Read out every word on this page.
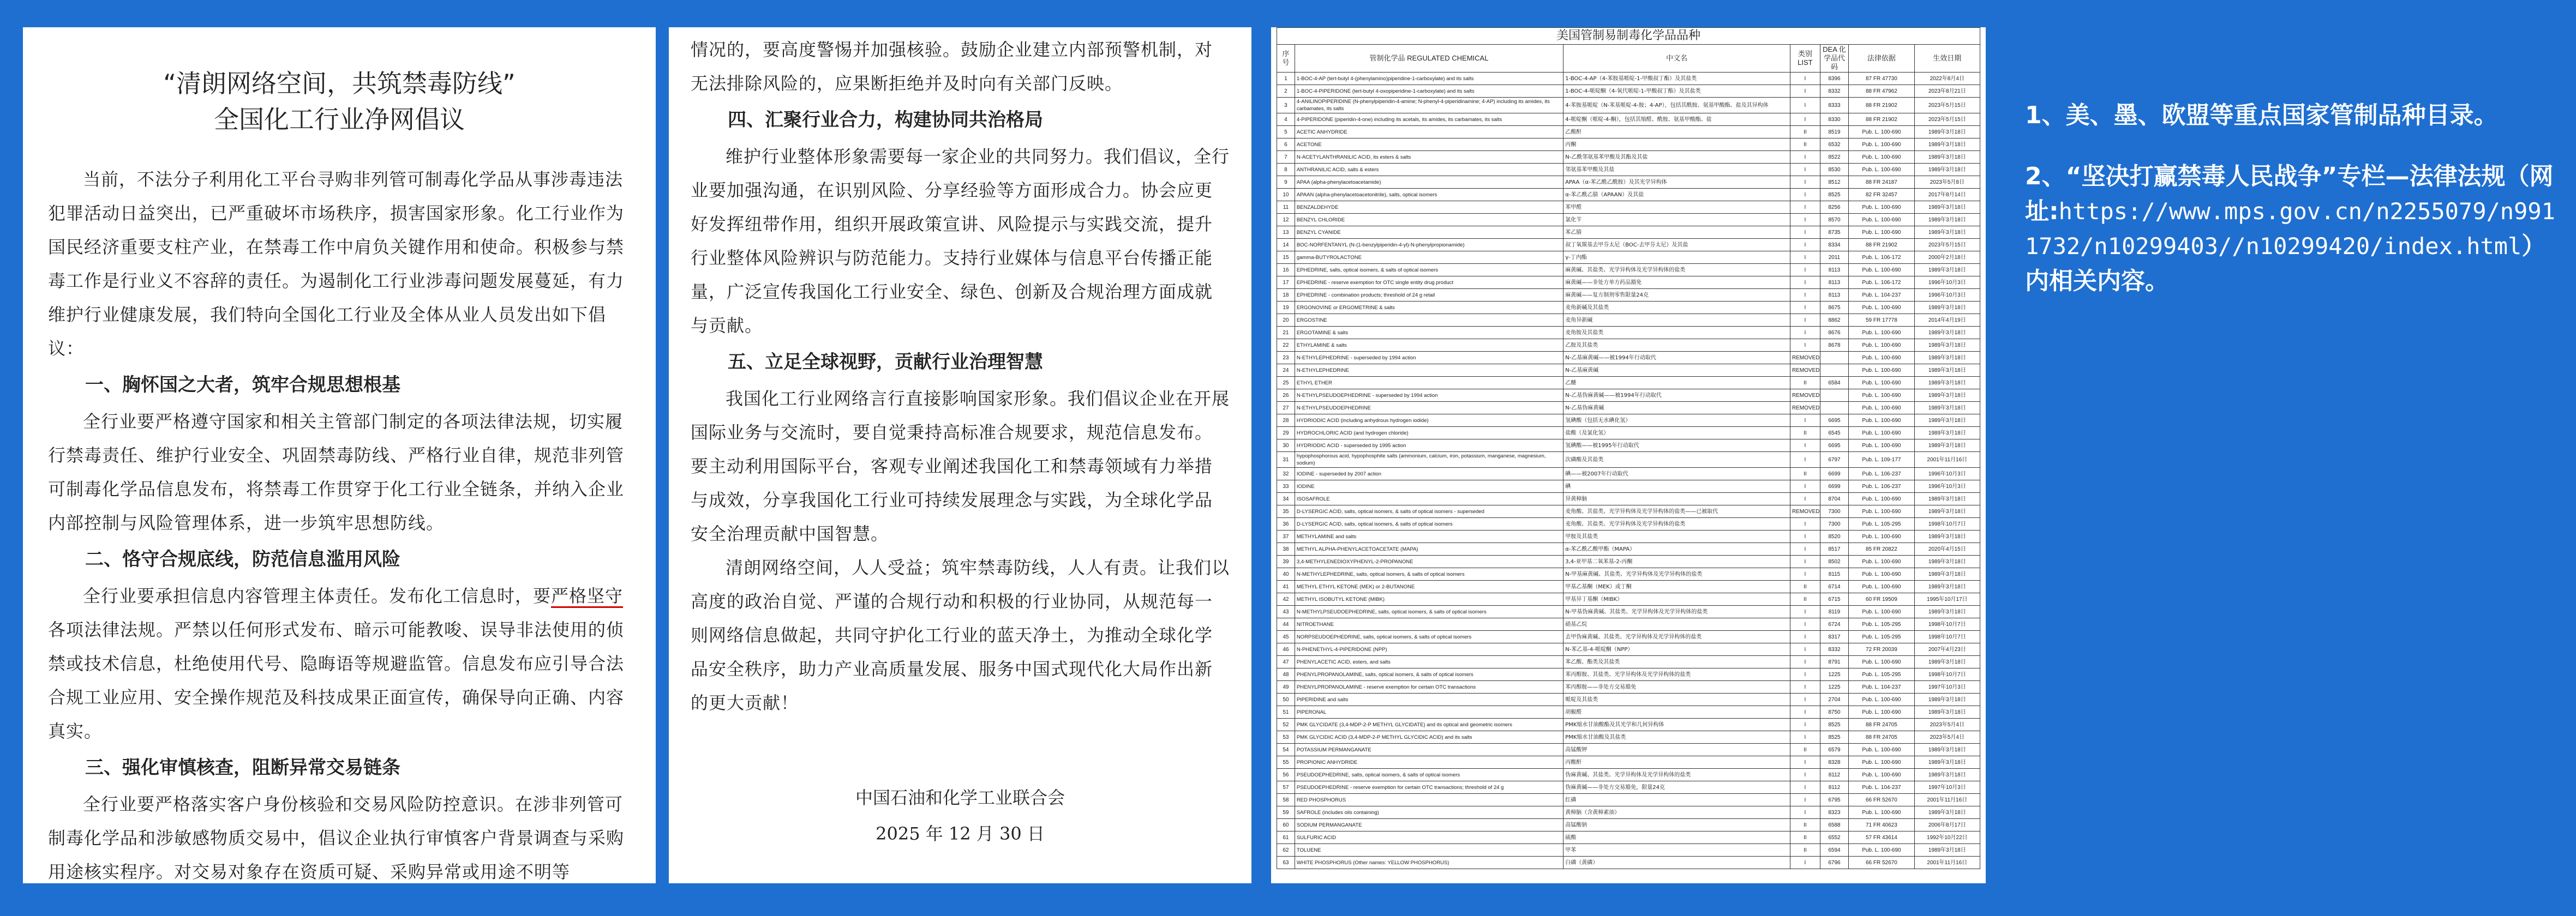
“清朗网络空间，共筑禁毒防线”
全国化工行业净网倡议

当前，不法分子利用化工平台寻购非列管可制毒化学品从事涉毒违法犯罪活动日益突出，已严重破坏市场秩序，损害国家形象。化工行业作为国民经济重要支柱产业，在禁毒工作中肩负关键作用和使命。积极参与禁毒工作是行业义不容辞的责任。为遏制化工行业涉毒问题发展蔓延，有力维护行业健康发展，我们特向全国化工行业及全体从业人员发出如下倡议：

一、胸怀国之大者，筑牢合规思想根基

全行业要严格遵守国家和相关主管部门制定的各项法律法规，切实履行禁毒责任、维护行业安全、巩固禁毒防线、严格行业自律，规范非列管可制毒化学品信息发布，将禁毒工作贯穿于化工行业全链条，并纳入企业内部控制与风险管理体系，进一步筑牢思想防线。

二、恪守合规底线，防范信息滥用风险

全行业要承担信息内容管理主体责任。发布化工信息时，要严格坚守各项法律法规。严禁以任何形式发布、暗示可能教唆、误导非法使用的侦禁或技术信息，杜绝使用代号、隐晦语等规避监管。信息发布应引导合法合规工业应用、安全操作规范及科技成果正面宣传，确保导向正确、内容真实。

三、强化审慎核查，阻断异常交易链条

全行业要严格落实客户身份核验和交易风险防控意识。在涉非列管可制毒化学品和涉敏感物质交易中，倡议企业执行审慎客户背景调查与采购用途核实程序。对交易对象存在资质可疑、采购异常或用途不明等

情况的，要高度警惕并加强核验。鼓励企业建立内部预警机制，对无法排除风险的，应果断拒绝并及时向有关部门反映。

四、汇聚行业合力，构建协同共治格局

维护行业整体形象需要每一家企业的共同努力。我们倡议，全行业要加强沟通，在识别风险、分享经验等方面形成合力。协会应更好发挥纽带作用，组织开展政策宣讲、风险提示与实践交流，提升行业整体风险辨识与防范能力。支持行业媒体与信息平台传播正能量，广泛宣传我国化工行业安全、绿色、创新及合规治理方面成就与贡献。

五、立足全球视野，贡献行业治理智慧

我国化工行业网络言行直接影响国家形象。我们倡议企业在开展国际业务与交流时，要自觉秉持高标准合规要求，规范信息发布。要主动利用国际平台，客观专业阐述我国化工和禁毒领域有力举措与成效，分享我国化工行业可持续发展理念与实践，为全球化学品安全治理贡献中国智慧。

清朗网络空间，人人受益；筑牢禁毒防线，人人有责。让我们以高度的政治自觉、严谨的合规行动和积极的行业协同，从规范每一则网络信息做起，共同守护化工行业的蓝天净土，为推动全球化学品安全秩序，助力产业高质量发展、服务中国式现代化大局作出新的更大贡献！

中国石油和化学工业联合会
2025 年 12 月 30 日
美国管制易制毒化学品品种
序号	管制化学品 REGULATED CHEMICAL	中文名	类别 LIST	DEA 化学品代码	法律依据	生效日期
1	1-BOC-4-AP (tert-butyl 4-(phenylamino)piperidine-1-carboxylate) and its salts	1-BOC-4-AP（4-苯胺基哌啶-1-甲酸叔丁酯）及其盐类	I	8396	87 FR 47730	2022年8月4日
2	1-BOC-4-PIPERIDONE (tert-butyl 4-oxopiperidine-1-carboxylate) and its salts	1-BOC-4-哌啶酮（4-氧代哌啶-1-甲酸叔丁酯）及其盐类	I	8332	88 FR 47962	2023年8月21日
3	4-ANILINOPIPERIDINE (N-phenylpiperidin-4-amine; N-phenyl-4-piperidinamine; 4-AP) including its amides, its carbamates, its salts	4-苯胺基哌啶（N-苯基哌啶-4-胺；4-AP），包括其酰胺、氨基甲酸酯、盐及其异构体	I	8333	88 FR 21902	2023年5月15日
4	4-PIPERIDONE (piperidin-4-one) including its acetals, its amides, its carbamates, its salts	4-哌啶酮（哌啶-4-酮），包括其缩醛、酰胺、氨基甲酸酯、盐	I	8330	88 FR 21902	2023年5月15日
5	ACETIC ANHYDRIDE	乙酸酐	II	8519	Pub. L. 100-690	1989年3月18日
6	ACETONE	丙酮	II	6532	Pub. L. 100-690	1989年3月18日
7	N-ACETYLANTHRANILIC ACID, its esters & salts	N-乙酰邻氨基苯甲酸及其酯及其盐	I	8522	Pub. L. 100-690	1989年3月18日
8	ANTHRANILIC ACID, salts & esters	邻氨基苯甲酸及其盐	I	8530	Pub. L. 100-690	1989年3月18日
9	APAA (alpha-phenylacetoacetamide)	APAA（α-苯乙酰乙酰胺）及其光学异构体	I	8512	88 FR 24187	2023年5月8日
10	APAAN (alpha-phenylacetoacetonitrile), salts, optical isomers	α-苯乙酰乙腈（APAAN）及其盐	I	8525	82 FR 32457	2017年8月14日
11	BENZALDEHYDE	苯甲醛	I	8256	Pub. L. 100-690	1989年3月18日
12	BENZYL CHLORIDE	氯化苄	I	8570	Pub. L. 100-690	1989年3月18日
13	BENZYL CYANIDE	苯乙腈	I	8735	Pub. L. 100-690	1989年3月18日
14	BOC-NORFENTANYL (N-(1-benzylpiperidin-4-yl)-N-phenylpropionamide)	叔丁氧羰基去甲芬太尼（BOC-去甲芬太尼）及其盐	I	8334	88 FR 21902	2023年5月15日
15	gamma-BUTYROLACTONE	γ-丁内酯	I	2011	Pub. L. 106-172	2000年2月18日
16	EPHEDRINE, salts, optical isomers, & salts of optical isomers	麻黄碱、其盐类、光学异构体及光学异构体的盐类	I	8113	Pub. L. 100-690	1989年3月18日
17	EPHEDRINE - reserve exemption for OTC single entity drug product	麻黄碱——非处方单方药品豁免	I	8113	Pub. L. 106-172	1996年10月3日
18	EPHEDRINE - combination products; threshold of 24 g retail	麻黄碱——复方制剂零售限量24克	I	8113	Pub. L. 104-237	1996年10月3日
19	ERGONOVINE or ERGOMETRINE & salts	麦角新碱及其盐类	I	8675	Pub. L. 100-690	1989年3月18日
20	ERGOSTINE	麦角异新碱	I	8862	59 FR 17778	2014年4月19日
21	ERGOTAMINE & salts	麦角胺及其盐类	I	8676	Pub. L. 100-690	1989年3月18日
22	ETHYLAMINE & salts	乙胺及其盐类	I	8678	Pub. L. 100-690	1989年3月18日
23	N-ETHYLEPHEDRINE - superseded by 1994 action	N-乙基麻黄碱——被1994年行动取代	REMOVED		Pub. L. 100-690	1989年3月18日
24	N-ETHYLEPHEDRINE	N-乙基麻黄碱	REMOVED		Pub. L. 100-690	1989年3月18日
25	ETHYL ETHER	乙醚	II	6584	Pub. L. 100-690	1989年3月18日
26	N-ETHYLPSEUDOEPHEDRINE - superseded by 1994 action	N-乙基伪麻黄碱——被1994年行动取代	REMOVED		Pub. L. 100-690	1989年3月18日
27	N-ETHYLPSEUDOEPHEDRINE	N-乙基伪麻黄碱	REMOVED		Pub. L. 100-690	1989年3月18日
28	HYDRIODIC ACID (including anhydrous hydrogen iodide)	氢碘酸（包括无水碘化氢）	I	6695	Pub. L. 100-690	1989年3月18日
29	HYDROCHLORIC ACID (and hydrogen chloride)	盐酸（及氯化氢）	II	6545	Pub. L. 100-690	1989年3月18日
30	HYDRIODIC ACID - superseded by 1995 action	氢碘酸——被1995年行动取代	I	6695	Pub. L. 100-690	1989年3月18日
31	hypophosphorous acid, hypophosphite salts (ammonium, calcium, iron, potassium, manganese, magnesium, sodium)	次磷酸及其盐类	I	6797	Pub. L. 109-177	2001年11月16日
32	IODINE - superseded by 2007 action	碘——被2007年行动取代	II	6699	Pub. L. 106-237	1996年10月3日
33	IODINE	碘	I	6699	Pub. L. 106-237	1996年10月3日
34	ISOSAFROLE	异黄樟脑	I	8704	Pub. L. 100-690	1989年3月18日
35	D-LYSERGIC ACID, salts, optical isomers, & salts of optical isomers - superseded	麦角酸、其盐类、光学异构体及光学异构体的盐类——已被取代	REMOVED	7300	Pub. L. 100-690	1989年3月18日
36	D-LYSERGIC ACID, salts, optical isomers, & salts of optical isomers	麦角酸、其盐类、光学异构体及光学异构体的盐类	I	7300	Pub. L. 105-295	1998年10月7日
37	METHYLAMINE and salts	甲胺及其盐类	I	8520	Pub. L. 100-690	1989年3月18日
38	METHYL ALPHA-PHENYLACETOACETATE (MAPA)	α-苯乙酰乙酸甲酯（MAPA）	I	8517	85 FR 20822	2020年4月15日
39	3,4-METHYLENEDIOXYPHENYL-2-PROPANONE	3,4-亚甲基二氧苯基-2-丙酮	I	8502	Pub. L. 100-690	1989年3月18日
40	N-METHYLEPHEDRINE, salts, optical isomers, & salts of optical isomers	N-甲基麻黄碱、其盐类、光学异构体及光学异构体的盐类	I	8115	Pub. L. 100-690	1989年3月18日
41	METHYL ETHYL KETONE (MEK) or 2-BUTANONE	甲基乙基酮（MEK）或丁酮	II	6714	Pub. L. 100-690	1989年3月18日
42	METHYL ISOBUTYL KETONE (MIBK)	甲基异丁基酮（MIBK）	II	6715	60 FR 19509	1995年10月17日
43	N-METHYLPSEUDOEPHEDRINE, salts, optical isomers, & salts of optical isomers	N-甲基伪麻黄碱、其盐类、光学异构体及光学异构体的盐类	I	8119	Pub. L. 100-690	1989年3月18日
44	NITROETHANE	硝基乙烷	I	6724	Pub. L. 105-295	1998年10月7日
45	NORPSEUDOEPHEDRINE, salts, optical isomers, & salts of optical isomers	去甲伪麻黄碱、其盐类、光学异构体及光学异构体的盐类	I	8317	Pub. L. 105-295	1998年10月7日
46	N-PHENETHYL-4-PIPERIDONE (NPP)	N-苯乙基-4-哌啶酮（NPP）	I	8332	72 FR 20039	2007年4月23日
47	PHENYLACETIC ACID, esters, and salts	苯乙酸、酯类及其盐类	I	8791	Pub. L. 100-690	1989年3月18日
48	PHENYLPROPANOLAMINE, salts, optical isomers, & salts of optical isomers	苯丙醇胺、其盐类、光学异构体及光学异构体的盐类	I	1225	Pub. L. 105-295	1998年10月7日
49	PHENYLPROPANOLAMINE - reserve exemption for certain OTC transactions	苯丙醇胺——非处方交易豁免	I	1225	Pub. L. 104-237	1997年10月3日
50	PIPERIDINE and salts	哌啶及其盐类	I	2704	Pub. L. 100-690	1989年3月18日
51	PIPERONAL	胡椒醛	I	8750	Pub. L. 100-690	1989年3月18日
52	PMK GLYCIDATE (3,4-MDP-2-P METHYL GLYCIDATE) and its optical and geometric isomers	PMK缩水甘油酸酯及其光学和几何异构体	I	8525	88 FR 24705	2023年5月4日
53	PMK GLYCIDIC ACID (3,4-MDP-2-P METHYL GLYCIDIC ACID) and its salts	PMK缩水甘油酸及其盐类	I	8525	88 FR 24705	2023年5月4日
54	POTASSIUM PERMANGANATE	高锰酸钾	II	6579	Pub. L. 100-690	1989年3月18日
55	PROPIONIC ANHYDRIDE	丙酸酐	I	8328	Pub. L. 100-690	1989年3月18日
56	PSEUDOEPHEDRINE, salts, optical isomers, & salts of optical isomers	伪麻黄碱、其盐类、光学异构体及光学异构体的盐类	I	8112	Pub. L. 100-690	1989年3月18日
57	PSEUDOEPHEDRINE - reserve exemption for certain OTC transactions; threshold of 24 g	伪麻黄碱——非处方交易豁免，限量24克	I	8112	Pub. L. 104-237	1997年10月3日
58	RED PHOSPHORUS	红磷	I	6795	66 FR 52670	2001年11月16日
59	SAFROLE (includes oils containing)	黄樟脑（含黄樟素油）	I	8323	Pub. L. 100-690	1989年3月18日
60	SODIUM PERMANGANATE	高锰酸钠	II	6588	71 FR 40623	2006年8月17日
61	SULFURIC ACID	硫酸	II	6552	57 FR 43614	1992年10月22日
62	TOLUENE	甲苯	II	6594	Pub. L. 100-690	1989年3月18日
63	WHITE PHOSPHORUS (Other names: YELLOW PHOSPHORUS)	白磷（黄磷）	I	6796	66 FR 52670	2001年11月16日

1、美、墨、欧盟等重点国家管制品种目录。

2、“坚决打赢禁毒人民战争”专栏—法律法规（网址:https://www.mps.gov.cn/n2255079/n9911732/n10299403//n10299420/index.html）内相关内容。
